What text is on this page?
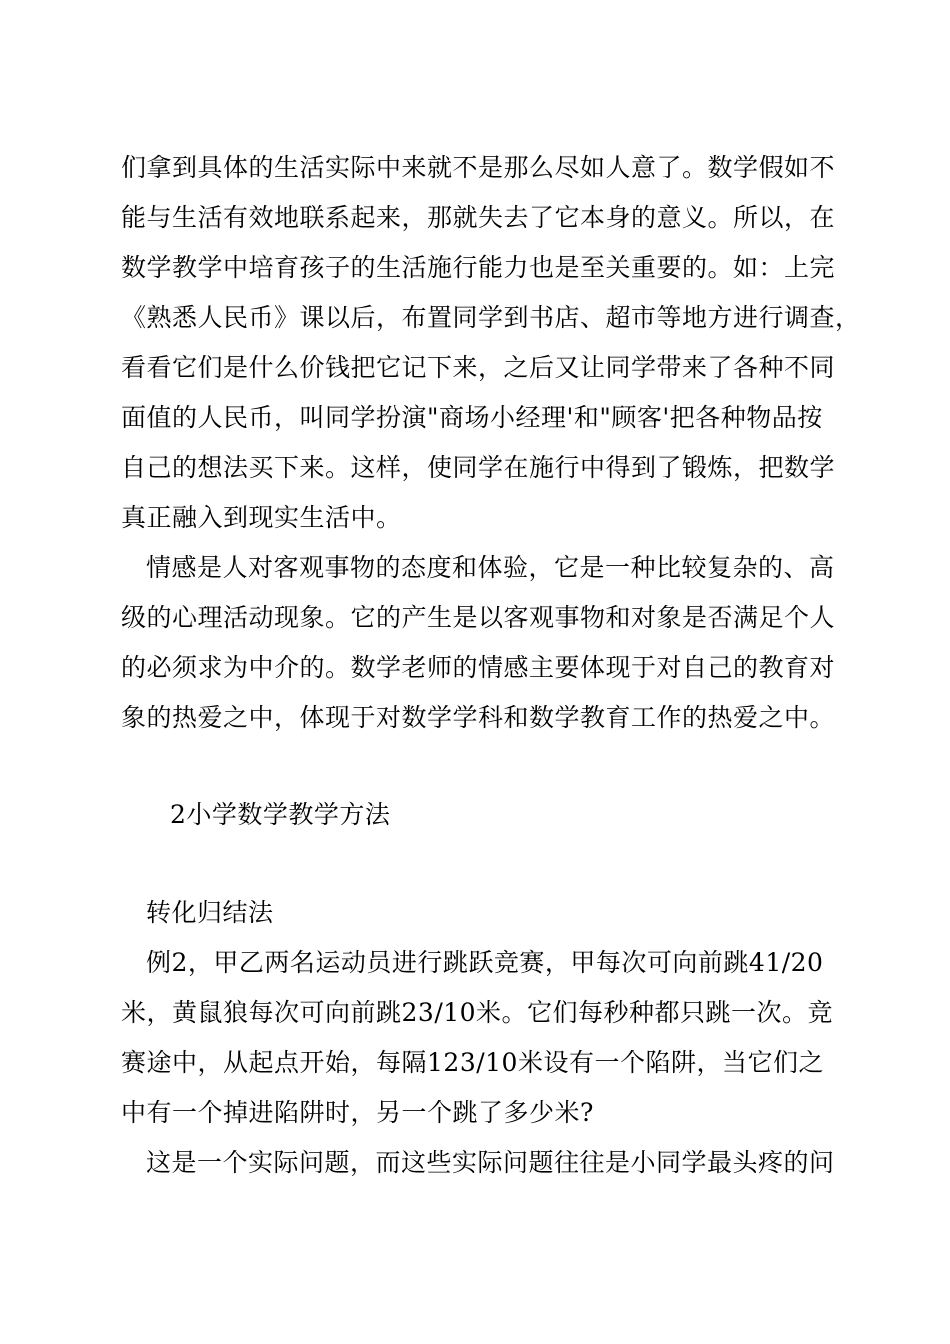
们拿到具体的生活实际中来就不是那么尽如人意了。数学假如不
能与生活有效地联系起来，那就失去了它本身的意义。所以，在
数学教学中培育孩子的生活施行能力也是至关重要的。如：上完
《熟悉人民币》课以后，布置同学到书店、超市等地方进行调查，
看看它们是什么价钱把它记下来，之后又让同学带来了各种不同
面值的人民币，叫同学扮演"商场小经理'和"顾客'把各种物品按
自己的想法买下来。这样，使同学在施行中得到了锻炼，把数学
真正融入到现实生活中。
情感是人对客观事物的态度和体验，它是一种比较复杂的、高
级的心理活动现象。它的产生是以客观事物和对象是否满足个人
的必须求为中介的。数学老师的情感主要体现于对自己的教育对
象的热爱之中，体现于对数学学科和数学教育工作的热爱之中。
2小学数学教学方法
转化归结法
例2，甲乙两名运动员进行跳跃竞赛，甲每次可向前跳41/20
米，黄鼠狼每次可向前跳23/10米。它们每秒种都只跳一次。竞
赛途中，从起点开始，每隔123/10米设有一个陷阱，当它们之
中有一个掉进陷阱时，另一个跳了多少米?
这是一个实际问题，而这些实际问题往往是小同学最头疼的问
